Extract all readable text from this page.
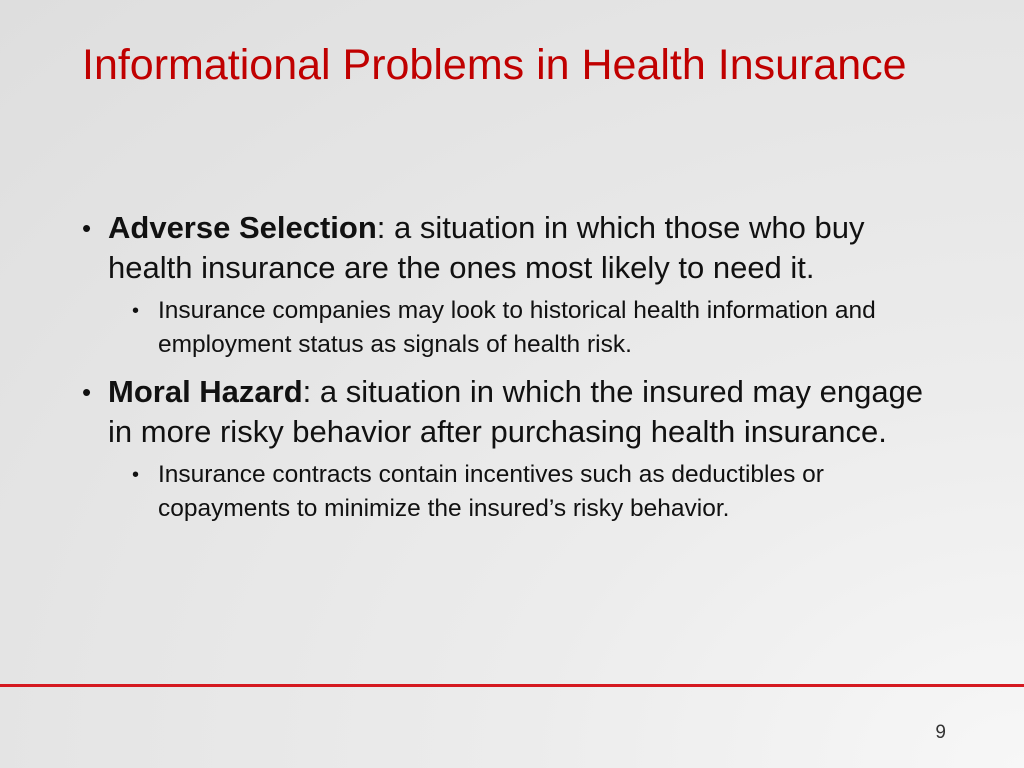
Informational Problems in Health Insurance

• Adverse Selection: a situation in which those who buy health insurance are the ones most likely to need it.

• Insurance companies may look to historical health information and employment status as signals of health risk.

• Moral Hazard: a situation in which the insured may engage in more risky behavior after purchasing health insurance.

• Insurance contracts contain incentives such as deductibles or copayments to minimize the insured’s risky behavior.

9
